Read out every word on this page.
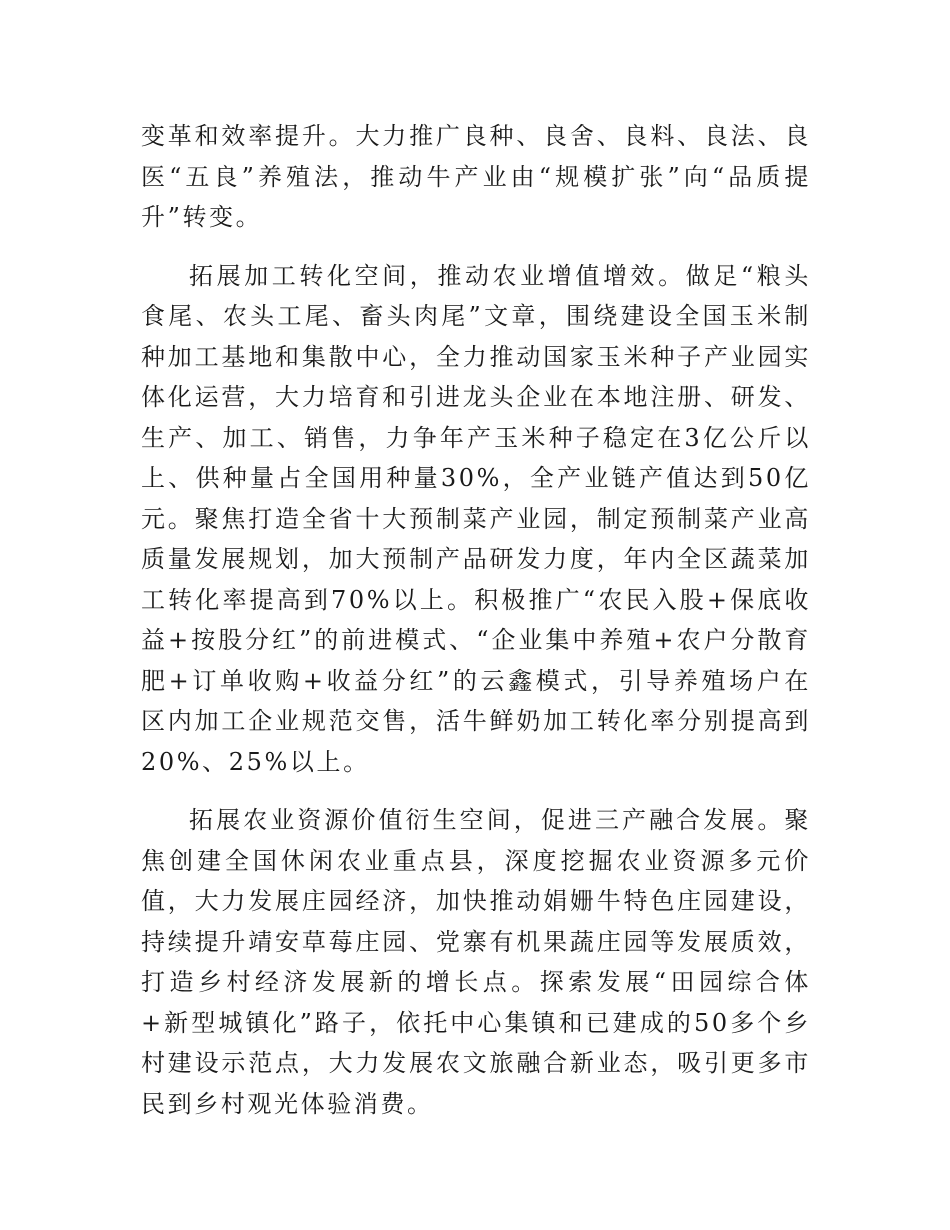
变革和效率提升。大力推广良种、良舍、良料、良法、良医“五良”养殖法，推动牛产业由“规模扩张”向“品质提升”转变。

拓展加工转化空间，推动农业增值增效。做足“粮头食尾、农头工尾、畜头肉尾”文章，围绕建设全国玉米制种加工基地和集散中心，全力推动国家玉米种子产业园实体化运营，大力培育和引进龙头企业在本地注册、研发、生产、加工、销售，力争年产玉米种子稳定在3亿公斤以上、供种量占全国用种量30%，全产业链产值达到50亿元。聚焦打造全省十大预制菜产业园，制定预制菜产业高质量发展规划，加大预制产品研发力度，年内全区蔬菜加工转化率提高到70%以上。积极推广“农民入股+保底收益+按股分红”的前进模式、“企业集中养殖+农户分散育肥+订单收购+收益分红”的云鑫模式，引导养殖场户在区内加工企业规范交售，活牛鲜奶加工转化率分别提高到20%、25%以上。

拓展农业资源价值衍生空间，促进三产融合发展。聚焦创建全国休闲农业重点县，深度挖掘农业资源多元价值，大力发展庄园经济，加快推动娟姗牛特色庄园建设，持续提升靖安草莓庄园、党寨有机果蔬庄园等发展质效，打造乡村经济发展新的增长点。探索发展“田园综合体+新型城镇化”路子，依托中心集镇和已建成的50多个乡村建设示范点，大力发展农文旅融合新业态，吸引更多市民到乡村观光体验消费。
